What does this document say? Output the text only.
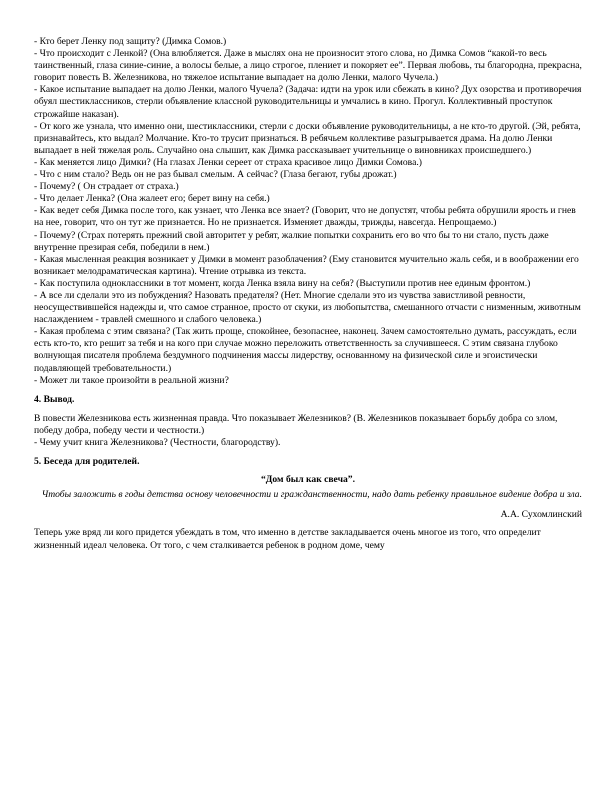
- Кто берет Ленку под защиту? (Димка Сомов.)

- Что происходит с Ленкой? (Она влюбляется. Даже в мыслях она не произносит этого слова, но Димка Сомов “какой-то весь таинственный, глаза синие-синие, а волосы белые, а лицо строгое, плениет и покоряет ее”. Первая любовь, ты благородна, прекрасна, говорит повесть В. Железникова, но тяжелое испытание выпадает на долю Ленки, малого Чучела.)

- Какое испытание выпадает на долю Ленки, малого Чучела? (Задача: идти на урок или сбежать в кино? Дух озорства и противоречия обуял шестиклассников, стерли объявление классной руководительницы и умчались в кино. Прогул. Коллективный проступок строжайше наказан).

- От кого же узнала, что именно они, шестиклассники, стерли с доски объявление руководительницы, а не кто-то другой. (Эй, ребята, признавайтесь, кто выдал? Молчание. Кто-то трусит признаться. В ребячьем коллективе разыгрывается драма. На долю Ленки выпадает в ней тяжелая роль. Случайно она слышит, как Димка рассказывает учительнице о виновниках происшедшего.)

- Как меняется лицо Димки? (На глазах Ленки сереет от страха красивое лицо Димки Сомова.)

- Что с ним стало? Ведь он не раз бывал смелым. А сейчас? (Глаза бегают, губы дрожат.)

- Почему? ( Он страдает от страха.)

- Что делает Ленка? (Она жалеет его; берет вину на себя.)

- Как ведет себя Димка после того, как узнает, что Ленка все знает? (Говорит, что не допустят, чтобы ребята обрушили ярость и гнев на нее, говорит, что он тут же признается. Но не признается. Изменяет дважды, трижды, навсегда. Непрощаемо.)

- Почему? (Страх потерять прежний свой авторитет у ребят, жалкие попытки сохранить его во что бы то ни стало, пусть даже внутренне презирая себя, победили в нем.)

- Какая мысленная реакция возникает у Димки в момент разоблачения? (Ему становится мучительно жаль себя, и в воображении его возникает мелодраматическая картина). Чтение отрывка из текста.

- Как поступила одноклассники в тот момент, когда Ленка взяла вину на себя? (Выступили против нее единым фронтом.)

- А все ли сделали это из побуждения? Назовать предателя? (Нет. Многие сделали это из чувства завистливой ревности, неосуществившейся надежды и, что самое странное, просто от скуки, из любопытства, смешанного отчасти с низменным, животным наслаждением - травлей смешного и слабого человека.)

- Какая проблема с этим связана? (Так жить проще, спокойнее, безопаснее, наконец. Зачем самостоятельно думать, рассуждать, если есть кто-то, кто решит за тебя и на кого при случае можно переложить ответственность за случившееся. С этим связана глубоко волнующая писателя проблема бездумного подчинения массы лидерству, основанному на физической силе и эгоистически подавляющей требовательности.)

- Может ли такое произойти в реальной жизни?

4. Вывод.

В повести Железникова есть жизненная правда. Что показывает Железников? (В. Железников показывает борьбу добра со злом, победу добра, победу чести и честности.)

- Чему учит книга Железникова? (Честности, благородству).

5. Беседа для родителей.

“Дом был как свеча”.

Чтобы заложить в годы детства основу человечности и гражданственности, надо дать ребенку правильное видение добра и зла.

А.А. Сухомлинский

Теперь уже вряд ли кого придется убеждать в том, что именно в детстве закладывается очень многое из того, что определит жизненный идеал человека. От того, с чем сталкивается ребенок в родном доме, чему
